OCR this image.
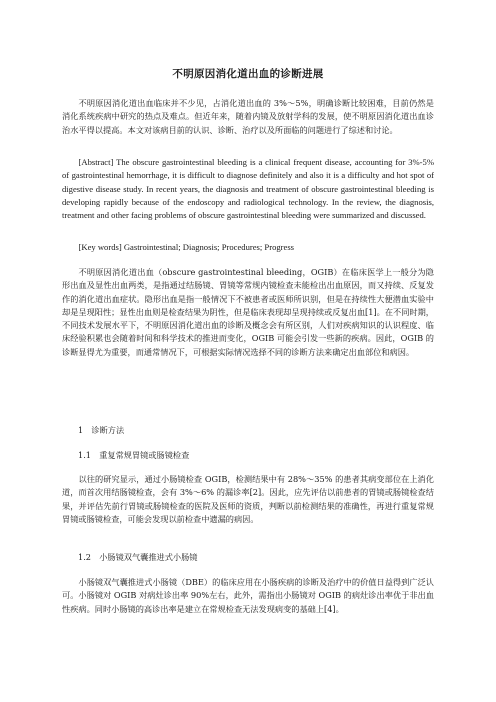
不明原因消化道出血的诊断进展

不明原因消化道出血临床并不少见，占消化道出血的 3%～5%，明确诊断比较困难，目前仍然是消化系统疾病中研究的热点及难点。但近年来，随着内镜及放射学科的发展，使不明原因消化道出血诊治水平得以提高。本文对该病目前的认识、诊断、治疗以及所面临的问题进行了综述和讨论。

[Abstract] The obscure gastrointestinal bleeding is a clinical frequent disease, accounting for 3%-5% of gastrointestinal hemorrhage, it is difficult to diagnose definitely and also it is a difficulty and hot spot of digestive disease study. In recent years, the diagnosis and treatment of obscure gastrointestinal bleeding is developing rapidly because of the endoscopy and radiological technology. In the review, the diagnosis, treatment and other facing problems of obscure gastrointestinal bleeding were summarized and discussed.

[Key words] Gastrointestinal; Diagnosis; Procedures; Progress

不明原因消化道出血（obscure gastrointestinal bleeding，OGIB）在临床医学上一般分为隐形出血及显性出血两类，是指通过结肠镜、胃镜等常规内镜检查未能检出出血原因，而又持续、反复发作的消化道出血症状。隐形出血是指一般情况下不被患者或医师所识别，但是在持续性大便潜血实验中却是呈现阳性；显性出血则是检查结果为阴性，但是临床表现却呈现持续或反复出血[1]。在不同时期，不同技术发展水平下，不明原因消化道出血的诊断及概念会有所区别，人们对疾病知识的认识程度、临床经验积累也会随着时间和科学技术的推进而变化，OGIB 可能会引发一些新的疾病。因此，OGIB 的诊断显得尤为重要，而通常情况下，可根据实际情况选择不同的诊断方法来确定出血部位和病因。

1　诊断方法

1.1　重复常规胃镜或肠镜检查

以往的研究显示，通过小肠镜检查 OGIB，检测结果中有 28%～35% 的患者其病变部位在上消化道，而首次用结肠镜检查，会有 3%～6% 的漏诊率[2]。因此，应先评估以前患者的胃镜或肠镜检查结果，并评估先前行胃镜或肠镜检查的医院及医师的资质，判断以前检测结果的准确性，再进行重复常规胃镜或肠镜检查，可能会发现以前检查中遗漏的病因。

1.2　小肠镜双气囊推进式小肠镜

小肠镜双气囊推进式小肠镜（DBE）的临床应用在小肠疾病的诊断及治疗中的价值日益得到广泛认可。小肠镜对 OGIB 对病灶诊出率 90%左右，此外，需指出小肠镜对 OGIB 的病灶诊出率优于非出血性疾病。同时小肠镜的高诊出率是建立在常规检查无法发现病变的基础上[4]。
